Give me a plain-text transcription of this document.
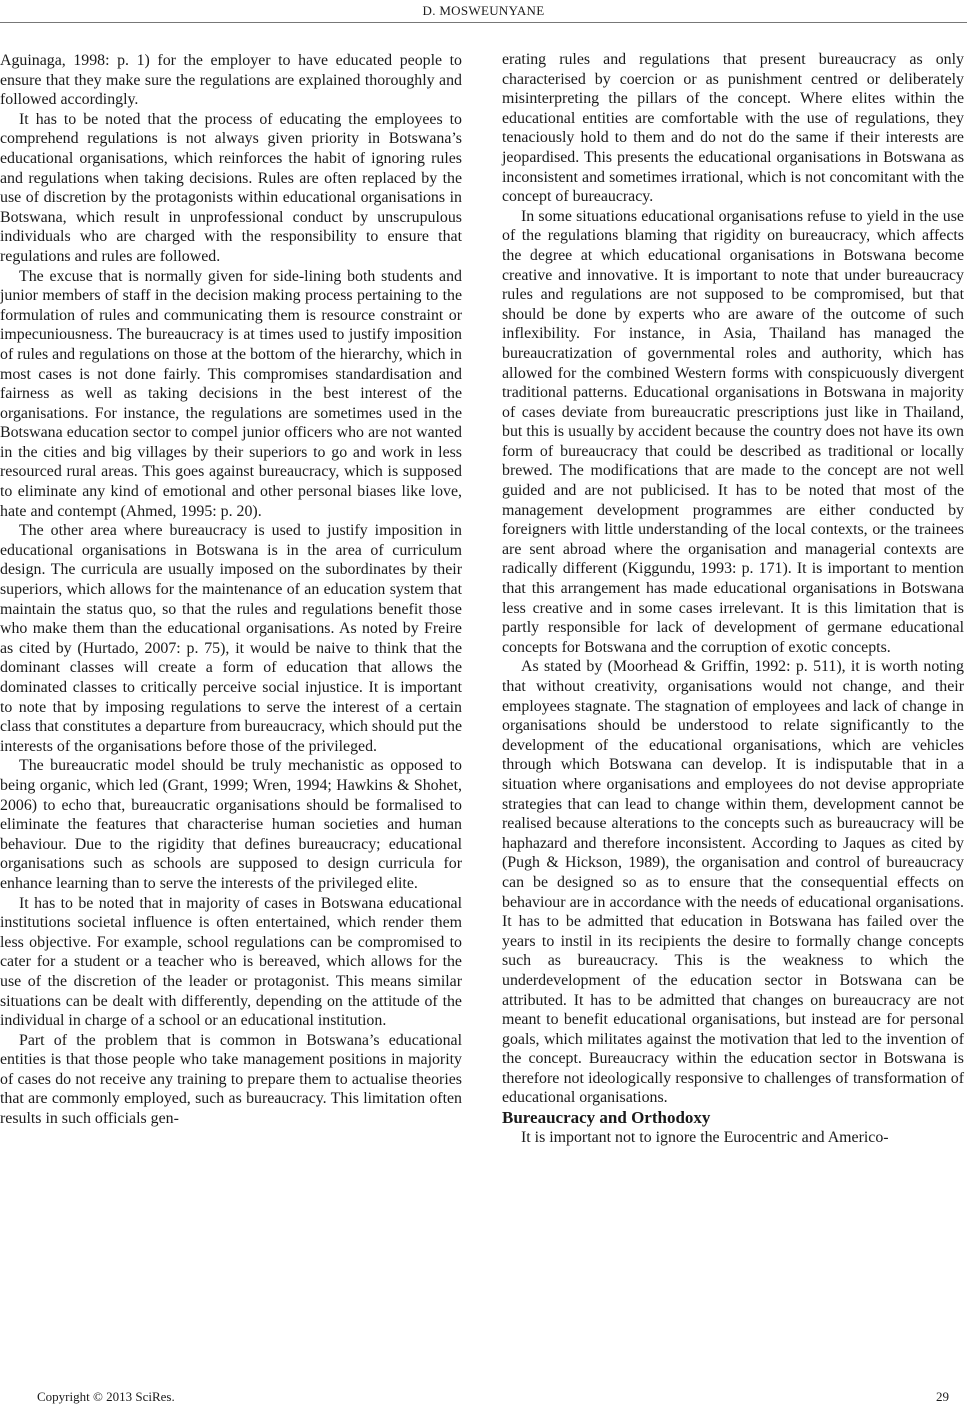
D. MOSWEUNYANE

Aguinaga, 1998: p. 1) for the employer to have educated people to ensure that they make sure the regulations are explained thoroughly and followed accordingly.

It has to be noted that the process of educating the employees to comprehend regulations is not always given priority in Botswana’s educational organisations, which reinforces the habit of ignoring rules and regulations when taking decisions. Rules are often replaced by the use of discretion by the protagonists within educational organisations in Botswana, which result in unprofessional conduct by unscrupulous individuals who are charged with the responsibility to ensure that regulations and rules are followed.

The excuse that is normally given for side-lining both students and junior members of staff in the decision making process pertaining to the formulation of rules and communicating them is resource constraint or impecuniousness. The bureaucracy is at times used to justify imposition of rules and regulations on those at the bottom of the hierarchy, which in most cases is not done fairly. This compromises standardisation and fairness as well as taking decisions in the best interest of the organisations. For instance, the regulations are sometimes used in the Botswana education sector to compel junior officers who are not wanted in the cities and big villages by their superiors to go and work in less resourced rural areas. This goes against bureaucracy, which is supposed to eliminate any kind of emotional and other personal biases like love, hate and contempt (Ahmed, 1995: p. 20).

The other area where bureaucracy is used to justify imposition in educational organisations in Botswana is in the area of curriculum design. The curricula are usually imposed on the subordinates by their superiors, which allows for the maintenance of an education system that maintain the status quo, so that the rules and regulations benefit those who make them than the educational organisations. As noted by Freire as cited by (Hurtado, 2007: p. 75), it would be naive to think that the dominant classes will create a form of education that allows the dominated classes to critically perceive social injustice. It is important to note that by imposing regulations to serve the interest of a certain class that constitutes a departure from bureaucracy, which should put the interests of the organisations before those of the privileged.

The bureaucratic model should be truly mechanistic as opposed to being organic, which led (Grant, 1999; Wren, 1994; Hawkins & Shohet, 2006) to echo that, bureaucratic organisations should be formalised to eliminate the features that characterise human societies and human behaviour. Due to the rigidity that defines bureaucracy; educational organisations such as schools are supposed to design curricula for enhance learning than to serve the interests of the privileged elite.

It has to be noted that in majority of cases in Botswana educational institutions societal influence is often entertained, which render them less objective. For example, school regulations can be compromised to cater for a student or a teacher who is bereaved, which allows for the use of the discretion of the leader or protagonist. This means similar situations can be dealt with differently, depending on the attitude of the individual in charge of a school or an educational institution.

Part of the problem that is common in Botswana’s educational entities is that those people who take management positions in majority of cases do not receive any training to prepare them to actualise theories that are commonly employed, such as bureaucracy. This limitation often results in such officials gen-

erating rules and regulations that present bureaucracy as only characterised by coercion or as punishment centred or deliberately misinterpreting the pillars of the concept. Where elites within the educational entities are comfortable with the use of regulations, they tenaciously hold to them and do not do the same if their interests are jeopardised. This presents the educational organisations in Botswana as inconsistent and sometimes irrational, which is not concomitant with the concept of bureaucracy.

In some situations educational organisations refuse to yield in the use of the regulations blaming that rigidity on bureaucracy, which affects the degree at which educational organisations in Botswana become creative and innovative. It is important to note that under bureaucracy rules and regulations are not supposed to be compromised, but that should be done by experts who are aware of the outcome of such inflexibility. For instance, in Asia, Thailand has managed the bureaucratization of governmental roles and authority, which has allowed for the combined Western forms with conspicuously divergent traditional patterns. Educational organisations in Botswana in majority of cases deviate from bureaucratic prescriptions just like in Thailand, but this is usually by accident because the country does not have its own form of bureaucracy that could be described as traditional or locally brewed. The modifications that are made to the concept are not well guided and are not publicised. It has to be noted that most of the management development programmes are either conducted by foreigners with little understanding of the local contexts, or the trainees are sent abroad where the organisation and managerial contexts are radically different (Kiggundu, 1993: p. 171). It is important to mention that this arrangement has made educational organisations in Botswana less creative and in some cases irrelevant. It is this limitation that is partly responsible for lack of development of germane educational concepts for Botswana and the corruption of exotic concepts.

As stated by (Moorhead & Griffin, 1992: p. 511), it is worth noting that without creativity, organisations would not change, and their employees stagnate. The stagnation of employees and lack of change in organisations should be understood to relate significantly to the development of the educational organisations, which are vehicles through which Botswana can develop. It is indisputable that in a situation where organisations and employees do not devise appropriate strategies that can lead to change within them, development cannot be realised because alterations to the concepts such as bureaucracy will be haphazard and therefore inconsistent. According to Jaques as cited by (Pugh & Hickson, 1989), the organisation and control of bureaucracy can be designed so as to ensure that the consequential effects on behaviour are in accordance with the needs of educational organisations. It has to be admitted that education in Botswana has failed over the years to instil in its recipients the desire to formally change concepts such as bureaucracy. This is the weakness to which the underdevelopment of the education sector in Botswana can be attributed. It has to be admitted that changes on bureaucracy are not meant to benefit educational organisations, but instead are for personal goals, which militates against the motivation that led to the invention of the concept. Bureaucracy within the education sector in Botswana is therefore not ideologically responsive to challenges of transformation of educational organisations.

Bureaucracy and Orthodoxy

It is important not to ignore the Eurocentric and Americo-

Copyright © 2013 SciRes.	29
